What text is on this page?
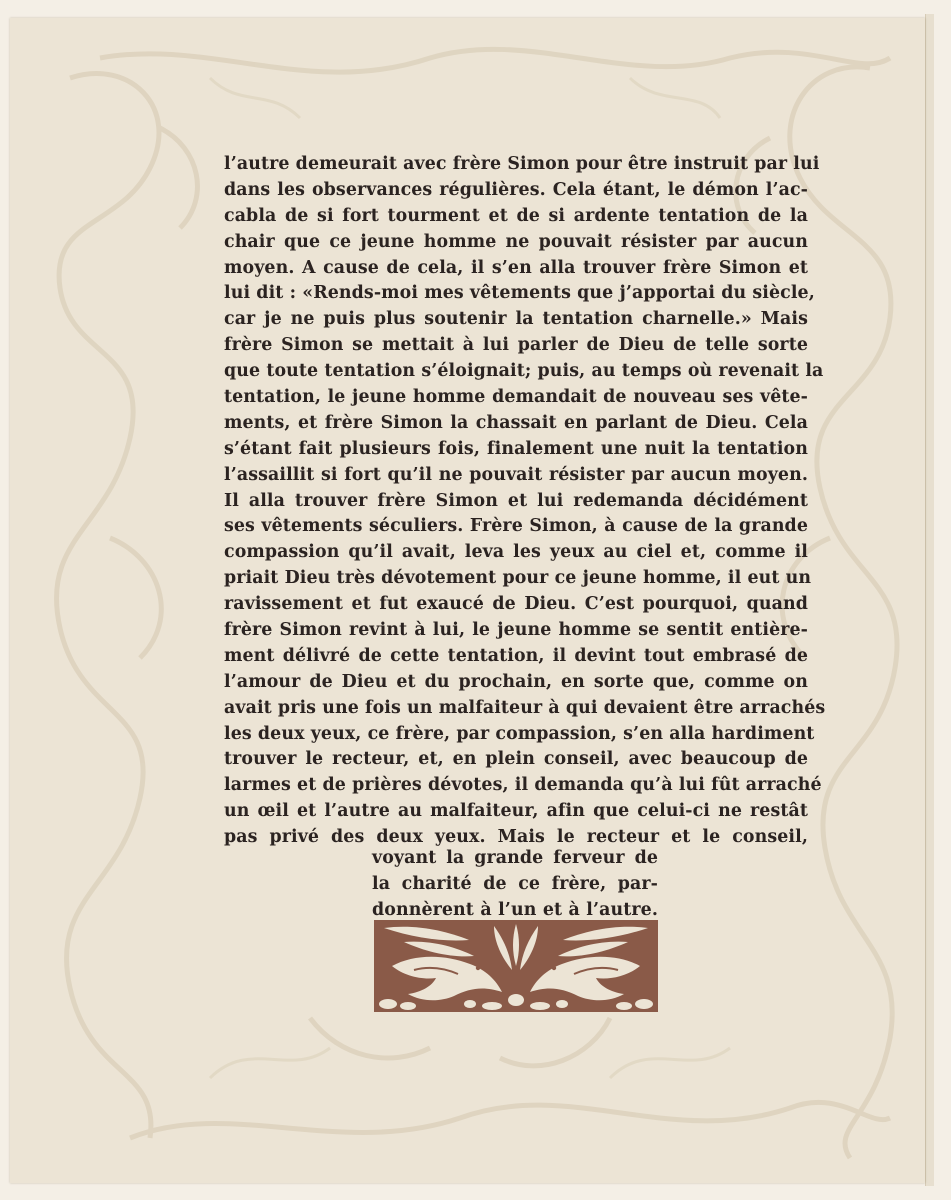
l’autre demeurait avec frère Simon pour être instruit par lui
dans les observances régulières. Cela étant, le démon l’ac-
cabla de si fort tourment et de si ardente tentation de la
chair que ce jeune homme ne pouvait résister par aucun
moyen. A cause de cela, il s’en alla trouver frère Simon et
lui dit : «Rends-moi mes vêtements que j’apportai du siècle,
car je ne puis plus soutenir la tentation charnelle.» Mais
frère Simon se mettait à lui parler de Dieu de telle sorte
que toute tentation s’éloignait; puis, au temps où revenait la
tentation, le jeune homme demandait de nouveau ses vête-
ments, et frère Simon la chassait en parlant de Dieu. Cela
s’étant fait plusieurs fois, finalement une nuit la tentation
l’assaillit si fort qu’il ne pouvait résister par aucun moyen.
Il alla trouver frère Simon et lui redemanda décidément
ses vêtements séculiers. Frère Simon, à cause de la grande
compassion qu’il avait, leva les yeux au ciel et, comme il
priait Dieu très dévotement pour ce jeune homme, il eut un
ravissement et fut exaucé de Dieu. C’est pourquoi, quand
frère Simon revint à lui, le jeune homme se sentit entière-
ment délivré de cette tentation, il devint tout embrasé de
l’amour de Dieu et du prochain, en sorte que, comme on
avait pris une fois un malfaiteur à qui devaient être arrachés
les deux yeux, ce frère, par compassion, s’en alla hardiment
trouver le recteur, et, en plein conseil, avec beaucoup de
larmes et de prières dévotes, il demanda qu’à lui fût arraché
un œil et l’autre au malfaiteur, afin que celui-ci ne restât
pas privé des deux yeux. Mais le recteur et le conseil,
voyant la grande ferveur de
la charité de ce frère, par-
donnèrent à l’un et à l’autre.
